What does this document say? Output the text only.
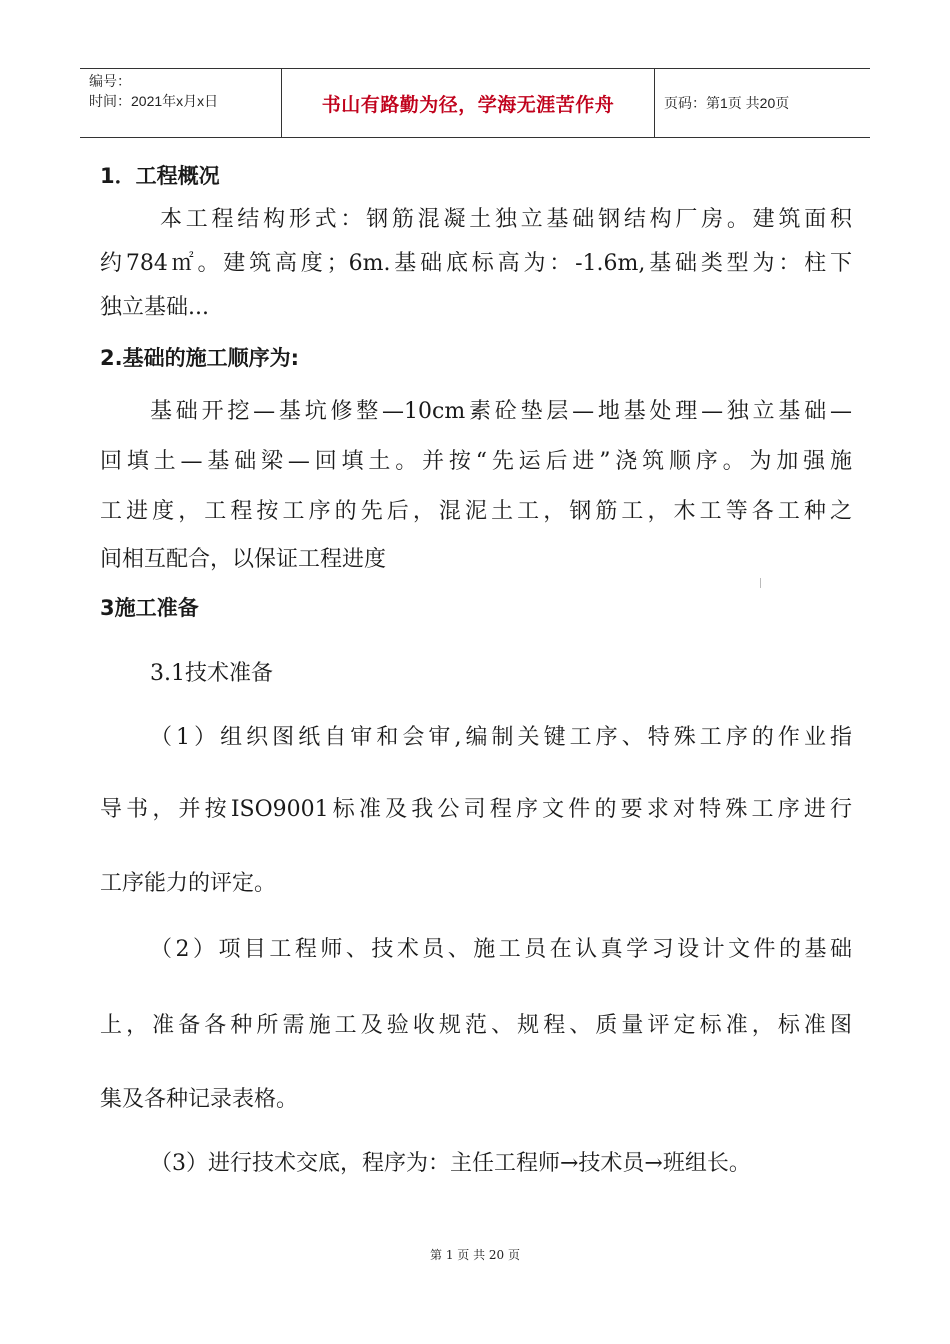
编号：
时间：2021年x月x日	书山有路勤为径，学海无涯苦作舟	页码：第1页 共20页
1．工程概况
本工程结构形式：钢筋混凝土独立基础钢结构厂房。建筑面积
约784㎡。建筑高度；6m.基础底标高为：-1.6m,基础类型为：柱下
独立基础...
2.基础的施工顺序为:
基础开挖—基坑修整—10cm素砼垫层—地基处理—独立基础—
回填土—基础梁—回填土。并按“先运后进”浇筑顺序。为加强施
工进度，工程按工序的先后，混泥土工，钢筋工，木工等各工种之
间相互配合，以保证工程进度
3施工准备
3.1技术准备
（1）组织图纸自审和会审,编制关键工序、特殊工序的作业指
导书，并按ISO9001标准及我公司程序文件的要求对特殊工序进行
工序能力的评定。
（2）项目工程师、技术员、施工员在认真学习设计文件的基础
上，准备各种所需施工及验收规范、规程、质量评定标准，标准图
集及各种记录表格。
（3）进行技术交底，程序为：主任工程师→技术员→班组长。
第 1 页 共 20 页
